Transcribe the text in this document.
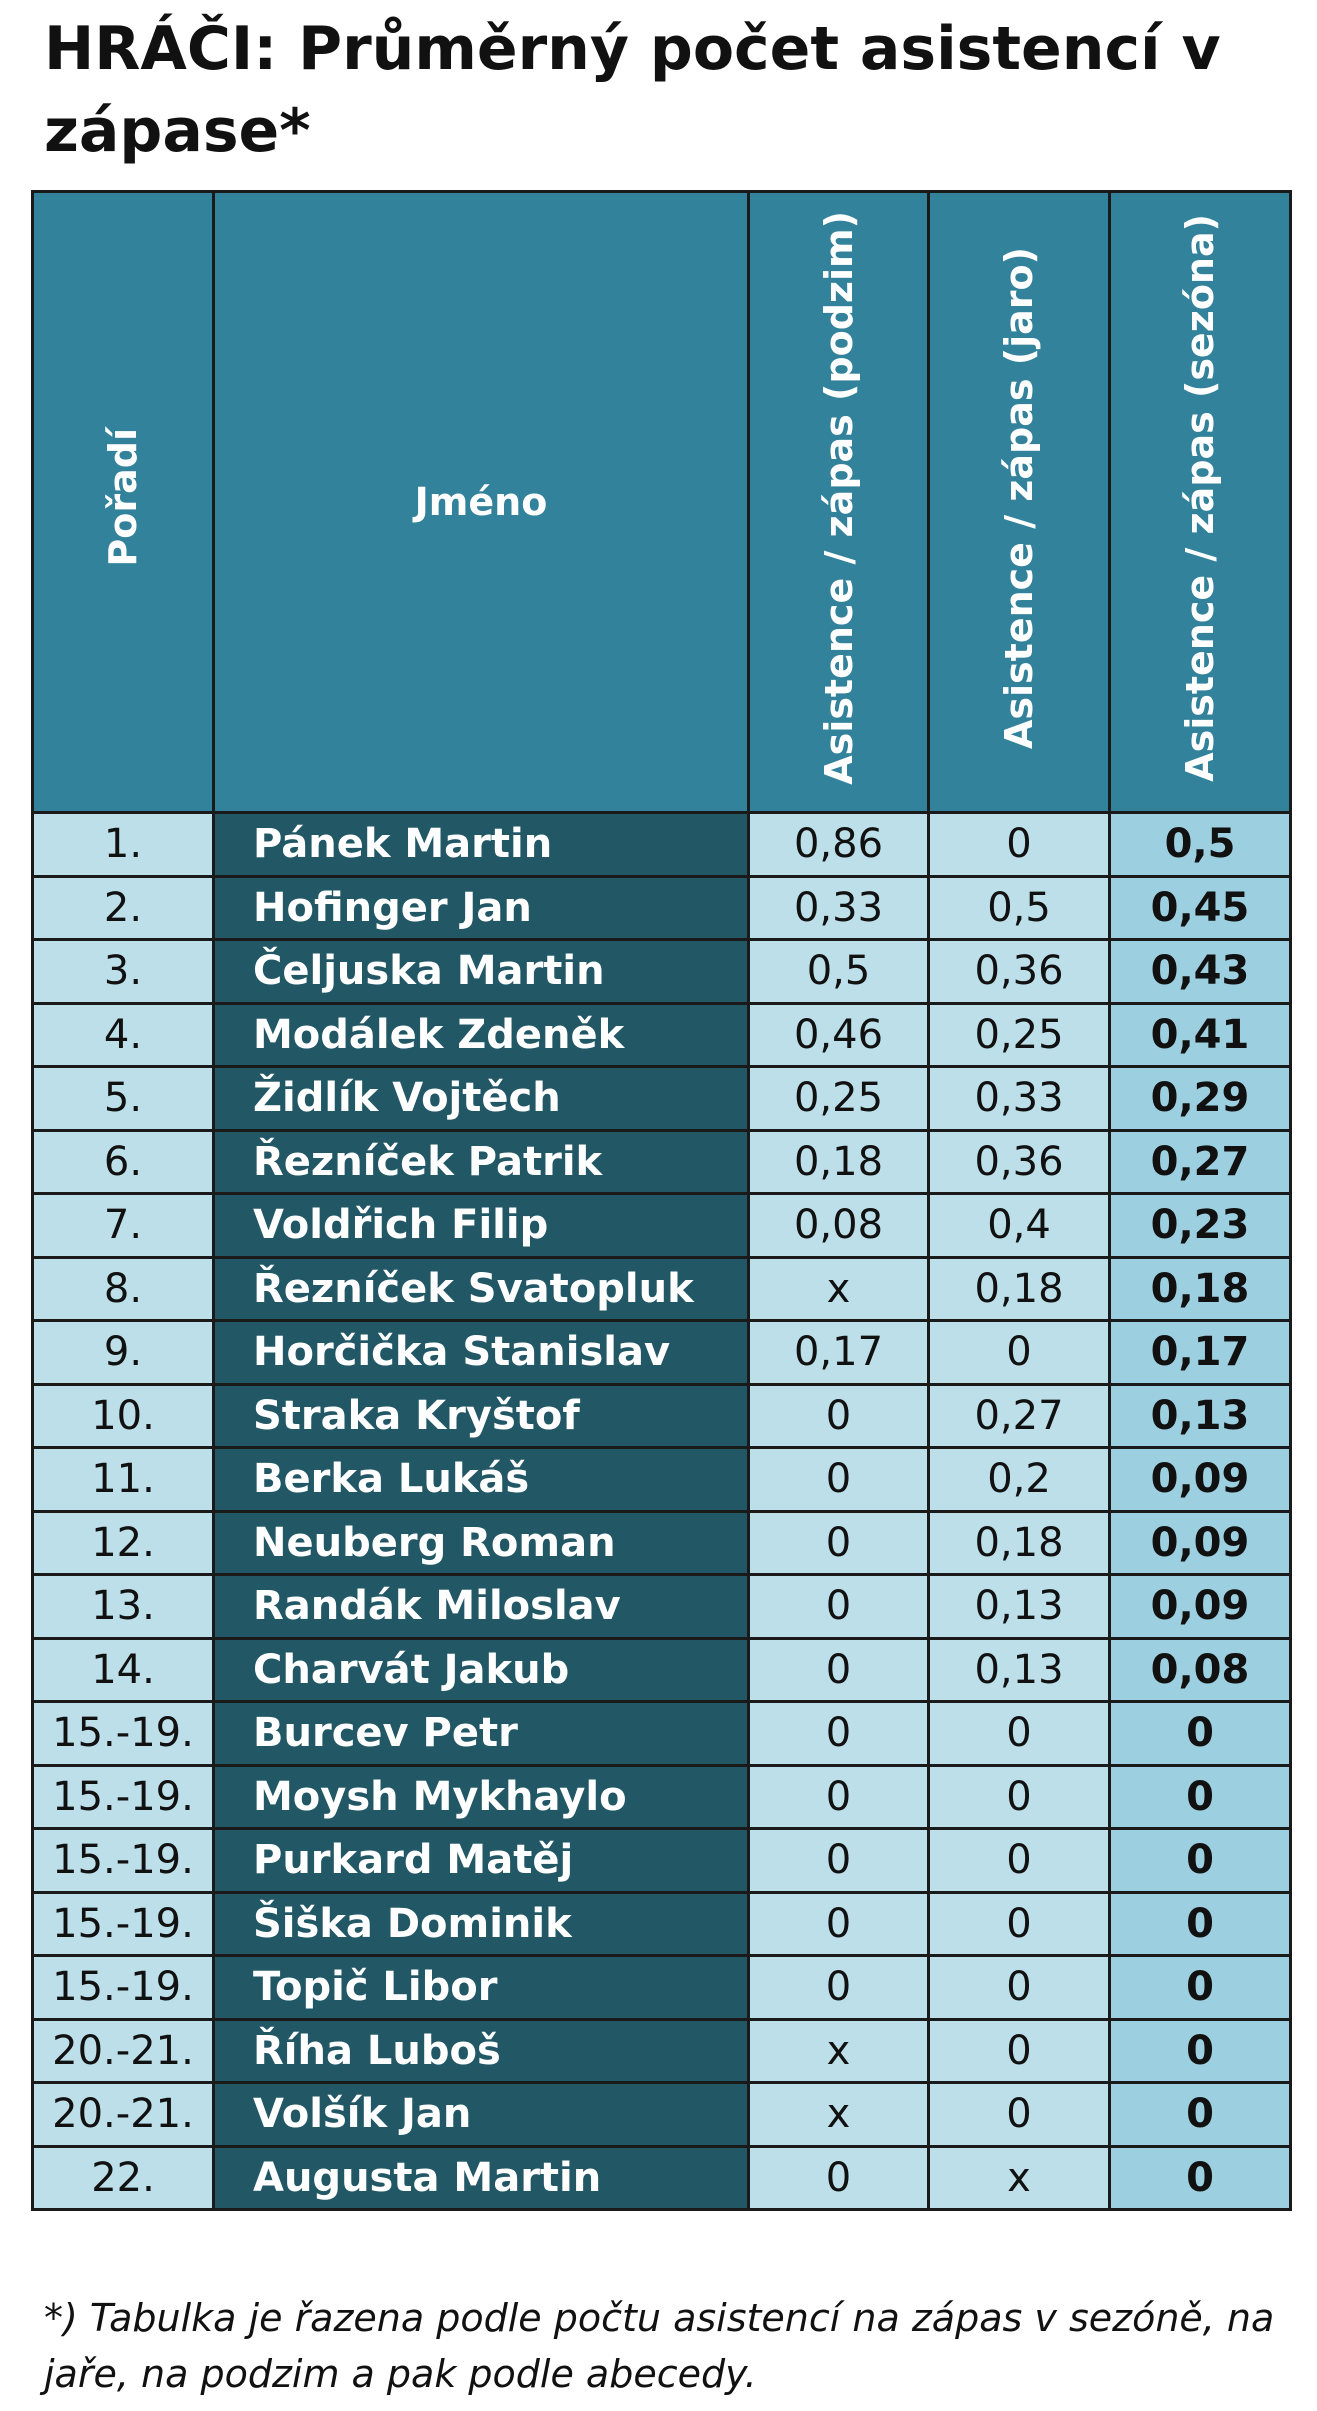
HRÁČI: Průměrný počet asistencí v zápase*
Pořadí	Jméno	Asistence / zápas (podzim)	Asistence / zápas (jaro)	Asistence / zápas (sezóna)
1.	Pánek Martin	0,86	0	0,5
2.	Hofinger Jan	0,33	0,5	0,45
3.	Čeljuska Martin	0,5	0,36	0,43
4.	Modálek Zdeněk	0,46	0,25	0,41
5.	Židlík Vojtěch	0,25	0,33	0,29
6.	Řezníček Patrik	0,18	0,36	0,27
7.	Voldřich Filip	0,08	0,4	0,23
8.	Řezníček Svatopluk	x	0,18	0,18
9.	Horčička Stanislav	0,17	0	0,17
10.	Straka Kryštof	0	0,27	0,13
11.	Berka Lukáš	0	0,2	0,09
12.	Neuberg Roman	0	0,18	0,09
13.	Randák Miloslav	0	0,13	0,09
14.	Charvát Jakub	0	0,13	0,08
15.-19.	Burcev Petr	0	0	0
15.-19.	Moysh Mykhaylo	0	0	0
15.-19.	Purkard Matěj	0	0	0
15.-19.	Šiška Dominik	0	0	0
15.-19.	Topič Libor	0	0	0
20.-21.	Říha Luboš	x	0	0
20.-21.	Volšík Jan	x	0	0
22.	Augusta Martin	0	x	0

*) Tabulka je řazena podle počtu asistencí na zápas v sezóně, na jaře, na podzim a pak podle abecedy.
